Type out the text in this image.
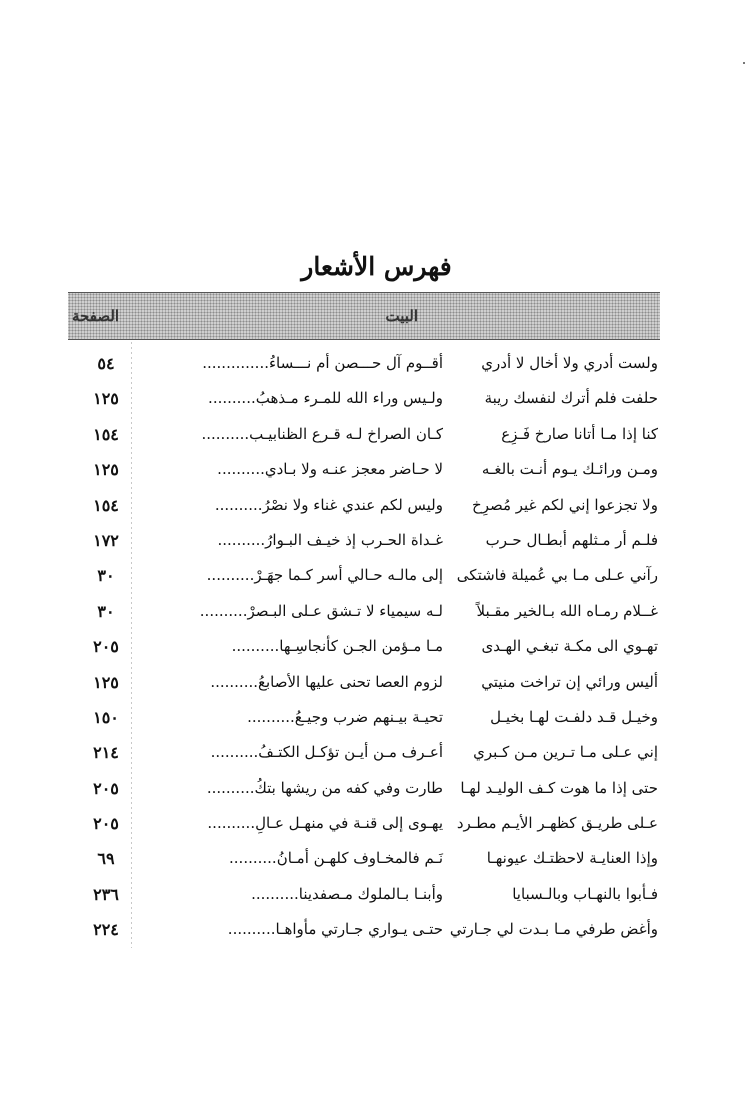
فهرس الأشعار
البيت
الصفحة
ولست أدري ولا أخال لا أدري
أقــوم آل حـــصن أم نـــساءُ..............
٥٤
حلفت فلم أترك لنفسك ريبة
ولـيس وراء الله للمـرء مـذهبُ..........
١٢٥
كنا إذا مـا أتانا صارخ فَـزِع
كـان الصراخ لـه قـرع الظنابيـب..........
١٥٤
ومـن ورائـك يـوم أنـت بالغـه
لا حـاضر معجز عنـه ولا بـادي..........
١٢٥
ولا تجزعوا إني لكم غير مُصرِخ
وليس لكم عندي غناء ولا نصْرُ..........
١٥٤
فلـم أر مـثلهم أبطـال حـرب
غـداة الحـرب إذ خيـف البـوارُ..........
١٧٢
رآني عـلى مـا بي عُميلة فاشتكى
إلى مالـه حـالي أسر كـما جهَـرْ..........
٣٠
غــلام رمـاه الله بـالخير مقـبلاً
لـه سيمياء لا تـشق عـلى البـصرْ..........
٣٠
تهـوي الى مكـة تبغـي الهـدى
مـا مـؤمن الجـن كأنجاسِـها..........
٢٠٥
أليس ورائي إن تراخت منيتي
لزوم العصا تحنى عليها الأصابعُ..........
١٢٥
وخيـل قـد دلفـت لهـا بخيـل
تحيـة بيـنهم ضرب وجيـعُ..........
١٥٠
إني عـلى مـا تـرين مـن كـبري
أعـرف مـن أيـن تؤكـل الكتـفُ..........
٢١٤
حتى إذا ما هوت كـف الوليـد لهـا
طارت وفي كفه من ريشها بتكُ..........
٢٠٥
عـلى طريـق كظهـر الأيـم مطـرد
يهـوى إلى قنـة في منهـل عـالِ..........
٢٠٥
وإذا العنايـة لاحظتـك عيونهـا
نَـم فالمخـاوف كلهـن أمـانُ..........
٦٩
فـأبوا بالنهـاب وبالـسبايا
وأبنـا بـالملوك مـصفدينا..........
٢٣٦
وأغض طرفي مـا بـدت لي جـارتي
حتـى يـواري جـارتي مأواهـا..........
٢٢٤
